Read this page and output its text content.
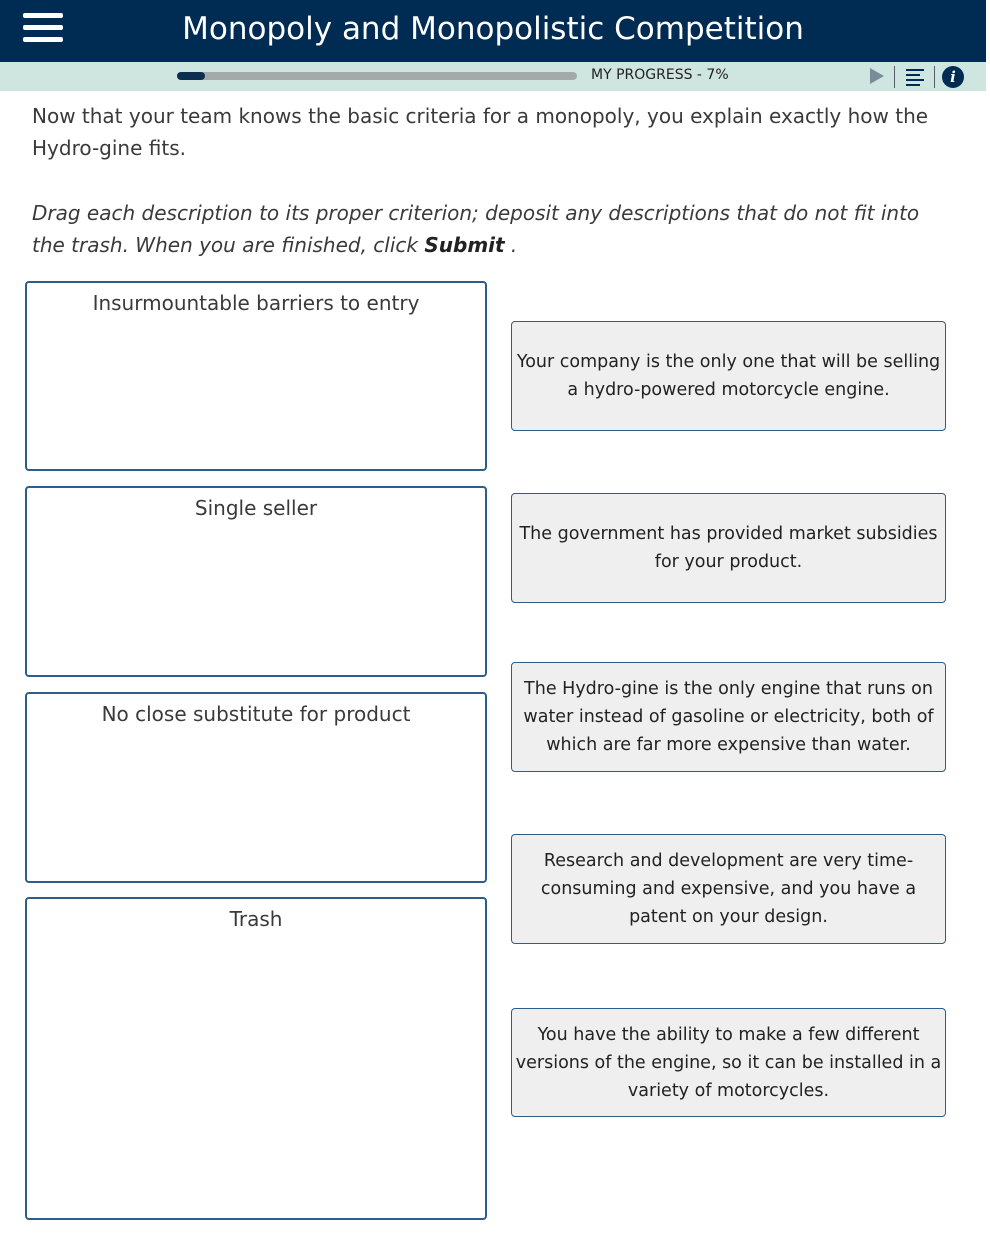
Monopoly and Monopolistic Competition
MY PROGRESS - 7%	i
Now that your team knows the basic criteria for a monopoly, you explain exactly how the Hydro-gine fits.
Drag each description to its proper criterion; deposit any descriptions that do not fit into the trash. When you are finished, click Submit .
Insurmountable barriers to entry
Single seller
No close substitute for product
Trash
Your company is the only one that will be selling a hydro-powered motorcycle engine.
The government has provided market subsidies for your product.
The Hydro-gine is the only engine that runs on water instead of gasoline or electricity, both of which are far more expensive than water.
Research and development are very time-consuming and expensive, and you have a patent on your design.
You have the ability to make a few different versions of the engine, so it can be installed in a variety of motorcycles.
